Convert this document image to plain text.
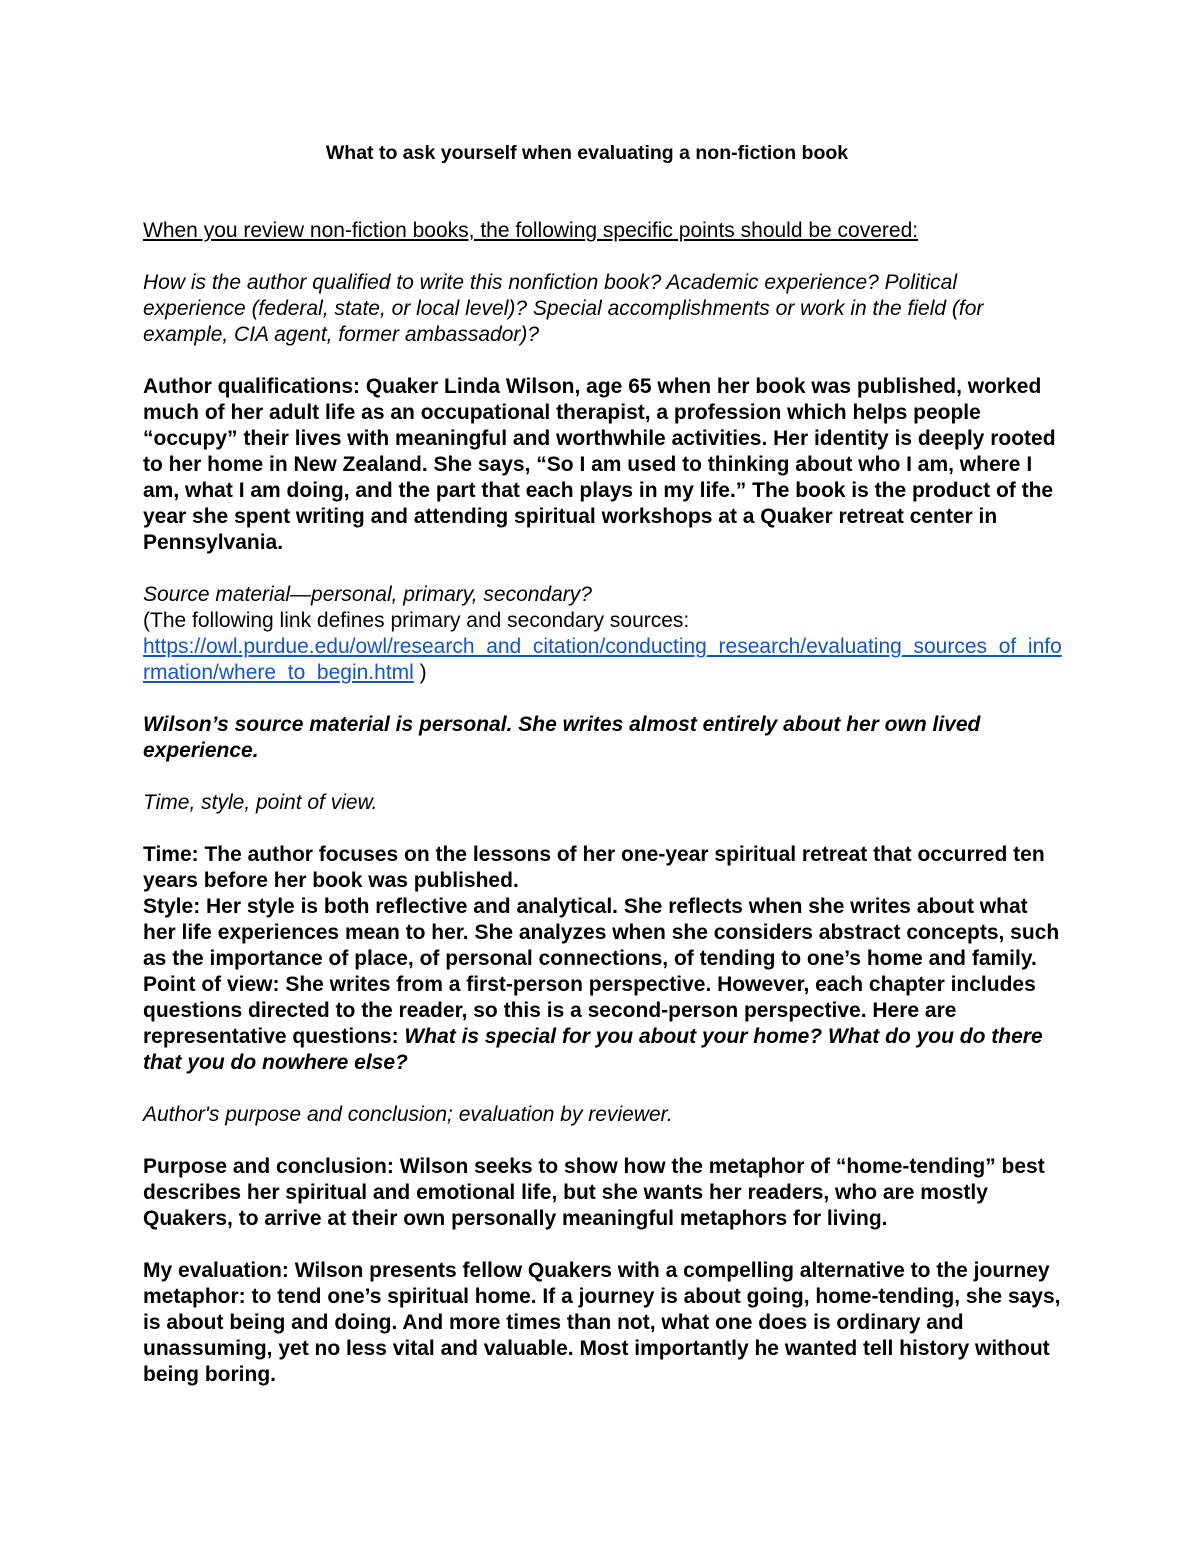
What to ask yourself when evaluating a non-fiction book

When you review non-fiction books, the following specific points should be covered:

How is the author qualified to write this nonfiction book? Academic experience? Political experience (federal, state, or local level)? Special accomplishments or work in the field (for example, CIA agent, former ambassador)?

Author qualifications: Quaker Linda Wilson, age 65 when her book was published, worked much of her adult life as an occupational therapist, a profession which helps people “occupy” their lives with meaningful and worthwhile activities. Her identity is deeply rooted to her home in New Zealand. She says, “So I am used to thinking about who I am, where I am, what I am doing, and the part that each plays in my life.” The book is the product of the year she spent writing and attending spiritual workshops at a Quaker retreat center in Pennsylvania.

Source material—personal, primary, secondary?

(The following link defines primary and secondary sources:
https://owl.purdue.edu/owl/research_and_citation/conducting_research/evaluating_sources_of_information/where_to_begin.html )

Wilson’s source material is personal. She writes almost entirely about her own lived experience.

Time, style, point of view.

Time: The author focuses on the lessons of her one-year spiritual retreat that occurred ten years before her book was published.

Style: Her style is both reflective and analytical. She reflects when she writes about what her life experiences mean to her. She analyzes when she considers abstract concepts, such as the importance of place, of personal connections, of tending to one’s home and family.

Point of view: She writes from a first-person perspective. However, each chapter includes questions directed to the reader, so this is a second-person perspective. Here are representative questions: What is special for you about your home? What do you do there that you do nowhere else?

Author's purpose and conclusion; evaluation by reviewer.

Purpose and conclusion: Wilson seeks to show how the metaphor of “home-tending” best describes her spiritual and emotional life, but she wants her readers, who are mostly Quakers, to arrive at their own personally meaningful metaphors for living.

My evaluation: Wilson presents fellow Quakers with a compelling alternative to the journey metaphor: to tend one’s spiritual home. If a journey is about going, home-tending, she says, is about being and doing. And more times than not, what one does is ordinary and unassuming, yet no less vital and valuable. Most importantly he wanted tell history without being boring.
